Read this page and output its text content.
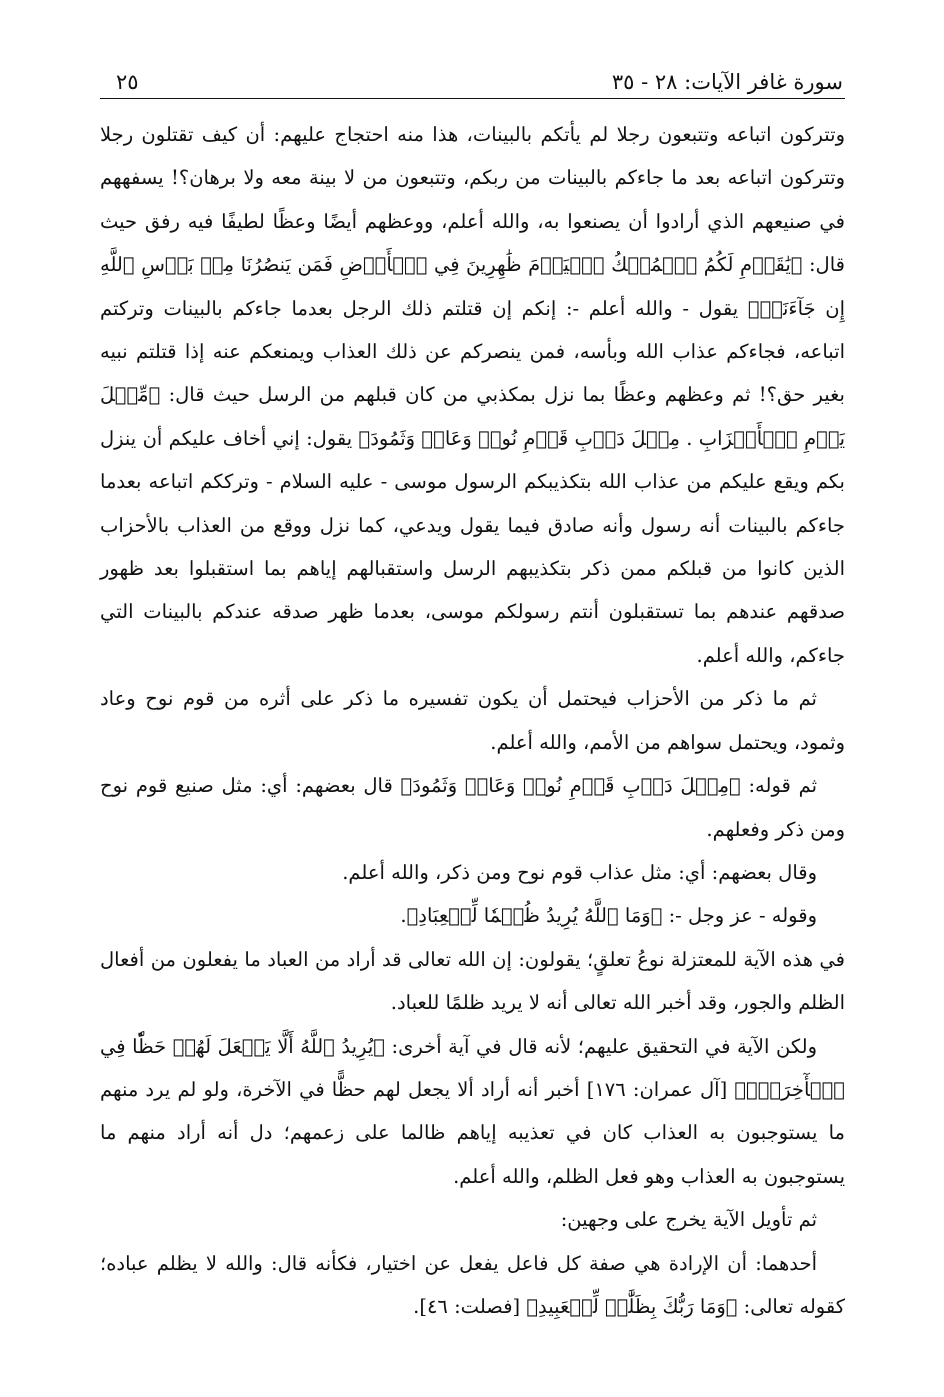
سورة غافر الآيات: ٢٨ - ٣٥
٢٥

وتتركون اتباعه وتتبعون رجلا لم يأتكم بالبينات، هذا منه احتجاج عليهم: أن كيف تقتلون رجلا وتتركون اتباعه بعد ما جاءكم بالبينات من ربكم، وتتبعون من لا بينة معه ولا برهان؟! يسفههم في صنيعهم الذي أرادوا أن يصنعوا به، والله أعلم، ووعظهم أيضًا وعظًا لطيفًا فيه رفق حيث قال: ﴿يَٰقَوۡمِ لَكُمُ ٱلۡمُلۡكُ ٱلۡيَوۡمَ ظَٰهِرِينَ فِي ٱلۡأَرۡضِ فَمَن يَنصُرُنَا مِنۢ بَأۡسِ ٱللَّهِ إِن جَآءَنَاۚ﴾ يقول - والله أعلم -: إنكم إن قتلتم ذلك الرجل بعدما جاءكم بالبينات وتركتم اتباعه، فجاءكم عذاب الله وبأسه، فمن ينصركم عن ذلك العذاب ويمنعكم عنه إذا قتلتم نبيه بغير حق؟! ثم وعظهم وعظًا بما نزل بمكذبي من كان قبلهم من الرسل حيث قال: ﴿مِّثۡلَ يَوۡمِ ٱلۡأَحۡزَابِ . مِثۡلَ دَأۡبِ قَوۡمِ نُوحٖ وَعَادٖ وَثَمُودَ﴾ يقول: إني أخاف عليكم أن ينزل بكم ويقع عليكم من عذاب الله بتكذيبكم الرسول موسى - عليه السلام - وترككم اتباعه بعدما جاءكم بالبينات أنه رسول وأنه صادق فيما يقول ويدعي، كما نزل ووقع من العذاب بالأحزاب الذين كانوا من قبلكم ممن ذكر بتكذيبهم الرسل واستقبالهم إياهم بما استقبلوا بعد ظهور صدقهم عندهم بما تستقبلون أنتم رسولكم موسى، بعدما ظهر صدقه عندكم بالبينات التي جاءكم، والله أعلم.

ثم ما ذكر من الأحزاب فيحتمل أن يكون تفسيره ما ذكر على أثره من قوم نوح وعاد وثمود، ويحتمل سواهم من الأمم، والله أعلم.

ثم قوله: ﴿مِثۡلَ دَأۡبِ قَوۡمِ نُوحٖ وَعَادٖ وَثَمُودَ﴾ قال بعضهم: أي: مثل صنيع قوم نوح ومن ذكر وفعلهم.

وقال بعضهم: أي: مثل عذاب قوم نوح ومن ذكر، والله أعلم.

وقوله - عز وجل -: ﴿وَمَا ٱللَّهُ يُرِيدُ ظُلۡمٗا لِّلۡعِبَادِ﴾.

في هذه الآية للمعتزلة نوعُ تعلقٍ؛ يقولون: إن الله تعالى قد أراد من العباد ما يفعلون من أفعال الظلم والجور، وقد أخبر الله تعالى أنه لا يريد ظلمًا للعباد.

ولكن الآية في التحقيق عليهم؛ لأنه قال في آية أخرى: ﴿يُرِيدُ ٱللَّهُ أَلَّا يَجۡعَلَ لَهُمۡ حَظّٗا فِي ٱلۡأٓخِرَةِۖ﴾ [آل عمران: ١٧٦] أخبر أنه أراد ألا يجعل لهم حظًّا في الآخرة، ولو لم يرد منهم ما يستوجبون به العذاب كان في تعذيبه إياهم ظالما على زعمهم؛ دل أنه أراد منهم ما يستوجبون به العذاب وهو فعل الظلم، والله أعلم.

ثم تأويل الآية يخرج على وجهين:

أحدهما: أن الإرادة هي صفة كل فاعل يفعل عن اختيار، فكأنه قال: والله لا يظلم عباده؛ كقوله تعالى: ﴿وَمَا رَبُّكَ بِظَلَّٰمٖ لِّلۡعَبِيدِ﴾ [فصلت: ٤٦].
